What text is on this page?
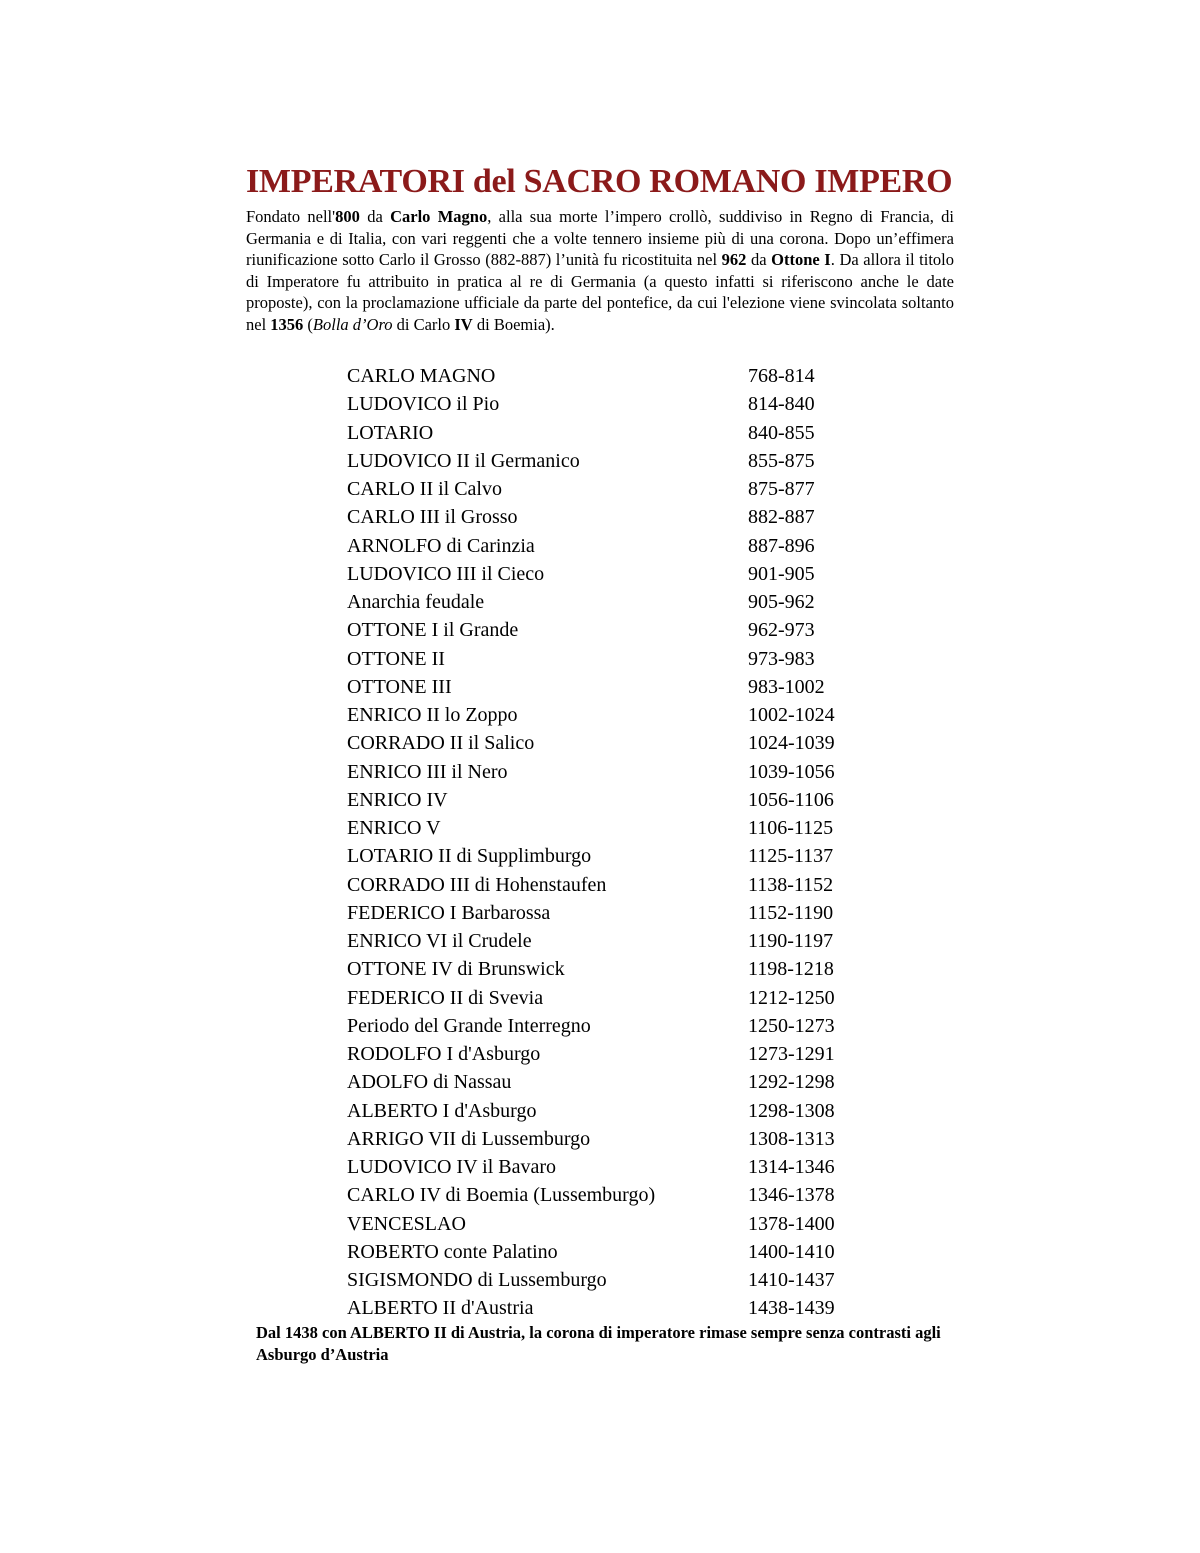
IMPERATORI del SACRO ROMANO IMPERO

Fondato nell'800 da Carlo Magno, alla sua morte l’impero crollò, suddiviso in Regno di Francia, di Germania e di Italia, con vari reggenti che a volte tennero insieme più di una corona. Dopo un’effimera riunificazione sotto Carlo il Grosso (882-887) l’unità fu ricostituita nel 962 da Ottone I. Da allora il titolo di Imperatore fu attribuito in pratica al re di Germania (a questo infatti si riferiscono anche le date proposte), con la proclamazione ufficiale da parte del pontefice, da cui l'elezione viene svincolata soltanto nel 1356 (Bolla d’Oro di Carlo IV di Boemia).

CARLO MAGNO	768-814
LUDOVICO il Pio	814-840
LOTARIO	840-855
LUDOVICO II il Germanico	855-875
CARLO II il Calvo	875-877
CARLO III il Grosso	882-887
ARNOLFO di Carinzia	887-896
LUDOVICO III il Cieco	901-905
Anarchia feudale	905-962
OTTONE I il Grande	962-973
OTTONE II	973-983
OTTONE III	983-1002
ENRICO II lo Zoppo	1002-1024
CORRADO II il Salico	1024-1039
ENRICO III il Nero	1039-1056
ENRICO IV	1056-1106
ENRICO V	1106-1125
LOTARIO II di Supplimburgo	1125-1137
CORRADO III di Hohenstaufen	1138-1152
FEDERICO I Barbarossa	1152-1190
ENRICO VI il Crudele	1190-1197
OTTONE IV di Brunswick	1198-1218
FEDERICO II di Svevia	1212-1250
Periodo del Grande Interregno	1250-1273
RODOLFO I d'Asburgo	1273-1291
ADOLFO di Nassau	1292-1298
ALBERTO I d'Asburgo	1298-1308
ARRIGO VII di Lussemburgo	1308-1313
LUDOVICO IV il Bavaro	1314-1346
CARLO IV di Boemia (Lussemburgo)	1346-1378
VENCESLAO	1378-1400
ROBERTO conte Palatino	1400-1410
SIGISMONDO di Lussemburgo	1410-1437
ALBERTO II d'Austria	1438-1439

Dal 1438 con ALBERTO II di Austria, la corona di imperatore rimase sempre senza contrasti agli Asburgo d’Austria
